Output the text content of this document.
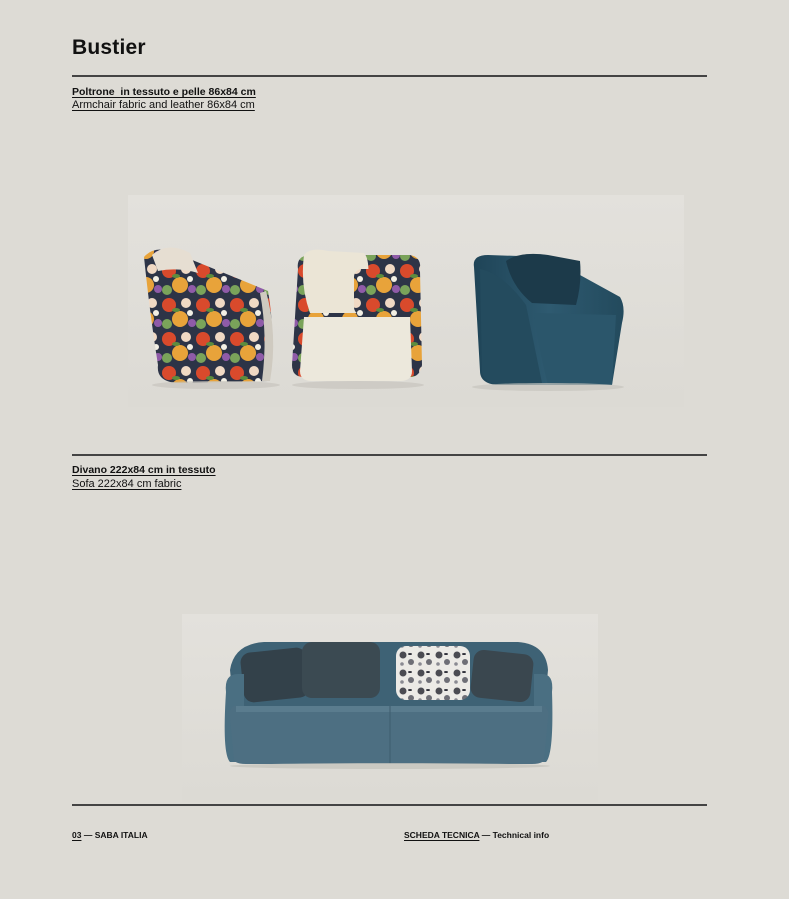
Bustier
Poltrone  in tessuto e pelle 86x84 cm
Armchair fabric and leather 86x84 cm
Divano 222x84 cm in tessuto
Sofa 222x84 cm fabric
03 — SABA ITALIA	SCHEDA TECNICA — Technical info
